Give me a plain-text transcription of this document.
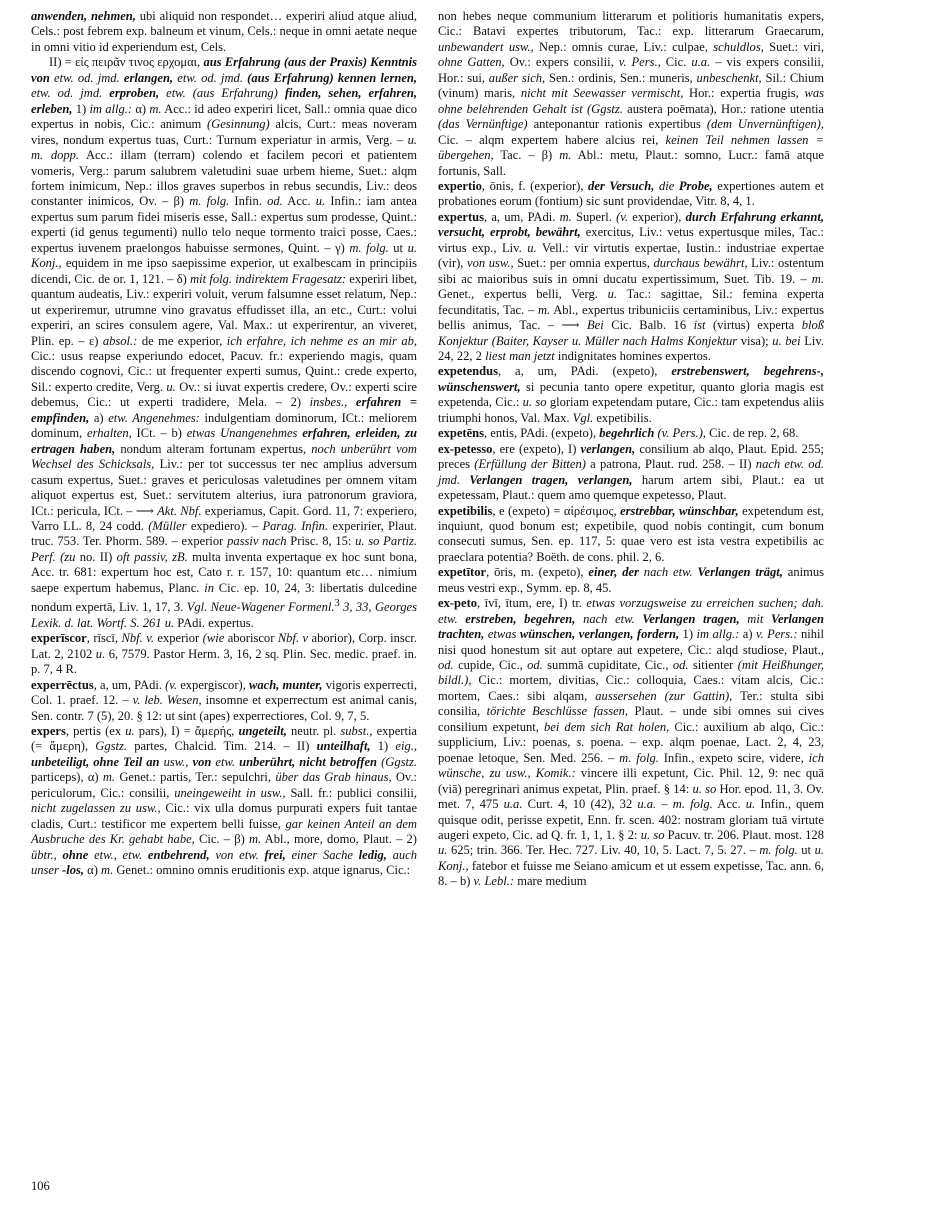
anwenden, nehmen, ubi aliquid non respondet… experiri aliud atque aliud, Cels.: post febrem exp. balneum et vinum, Cels.: neque in omni aetate neque in omni vitio id experiendum est, Cels.

II) = εἰς πειρᾶν τινος ερχομαι, aus Erfahrung (aus der Praxis) Kenntnis von etw. od. jmd. erlangen, etw. od. jmd. (aus Erfahrung) kennen lernen, etw. od. jmd. erproben, etw. (aus Erfahrung) finden, sehen, erfahren, erleben, 1) im allg.: α) m. Acc.: id adeo experiri licet, Sall.: omnia quae dico expertus in nobis, Cic.: animum (Gesinnung) alcis, Curt.: meas noveram vires, nondum expertus tuas, Curt.: Turnum experiatur in armis, Verg. – u. m. dopp. Acc.: illam (terram) colendo et facilem pecori et patientem vomeris, Verg.: parum salubrem valetudini suae urbem hieme, Suet.: alqm fortem inimicum, Nep.: illos graves superbos in rebus secundis, Liv.: deos constanter inimicos, Ov. – β) m. folg. Infin. od. Acc. u. Infin.: iam antea expertus sum parum fidei miseris esse, Sall.: expertus sum prodesse, Quint.: experti (id genus tegumenti) nullo telo neque tormento traici posse, Caes.: expertus iuvenem praelongos habuisse sermones, Quint. – γ) m. folg. ut u. Konj., equidem in me ipso saepissime experior, ut exalbescam in principiis dicendi, Cic. de or. 1, 121. – δ) mit folg. indirektem Fragesatz: experiri libet, quantum audeatis, Liv.: experiri voluit, verum falsumne esset relatum, Nep.: ut experiremur, utrumne vino gravatus effudisset illa, an etc., Curt.: volui experiri, an scires consulem agere, Val. Max.: ut experirentur, an viveret, Plin. ep. – ε) absol.: de me experior, ich erfahre, ich nehme es an mir ab, Cic.: usus reapse experiundo edocet, Pacuv. fr.: experiendo magis, quam discendo cognovi, Cic.: ut frequenter experti sumus, Quint.: crede experto, Sil.: experto credite, Verg. u. Ov.: si iuvat expertis credere, Ov.: experti scire debemus, Cic.: ut experti tradidere, Mela. – 2) insbes., erfahren = empfinden, a) etw. Angenehmes: indulgentiam dominorum, ICt.: meliorem dominum, erhalten, ICt. – b) etwas Unangenehmes erfahren, erleiden, zu ertragen haben, nondum alteram fortunam expertus, noch unberührt vom Wechsel des Schicksals, Liv.: per tot successus ter nec amplius adversum casum expertus, Suet.: graves et periculosas valetudines per omnem vitam aliquot expertus est, Suet.: servitutem alterius, iura patronorum graviora, ICt.: pericula, ICt. – ⟶ Akt. Nbf. experiamus, Capit. Gord. 11, 7: experiero, Varro LL. 8, 24 codd. (Müller expediero). – Parag. Infin. experirier, Plaut. truc. 753. Ter. Phorm. 589. – experior passiv nach Prisc. 8, 15: u. so Partiz. Perf. (zu no. II) oft passiv, zB. multa inventa expertaque ex hoc sunt bona, Acc. tr. 681: expertum hoc est, Cato r. r. 157, 10: quantum etc… nimium saepe expertum habemus, Planc. in Cic. ep. 10, 24, 3: libertatis dulcedine nondum expertā, Liv. 1, 17, 3. Vgl. Neue-Wagener Formenl.$^3$ 3, 33, Georges Lexik. d. lat. Wortf. S. 261 u. PAdi. expertus.

experīscor, rīscī, Nbf. v. experior (wie aboriscor Nbf. v aborior), Corp. inscr. Lat. 2, 2102 u. 6, 7579. Pastor Herm. 3, 16, 2 sq. Plin. Sec. medic. praef. in. p. 7, 4 R.

experrēctus, a, um, PAdi. (v. expergiscor), wach, munter, vigoris experrecti, Col. 1. praef. 12. – v. leb. Wesen, insomne et experrectum est animal canis, Sen. contr. 7 (5), 20. § 12: ut sint (apes) experrectiores, Col. 9, 7, 5.

expers, pertis (ex u. pars), I) = ἄμερής, ungeteilt, neutr. pl. subst., expertia (= ἄμερη), Ggstz. partes, Chalcid. Tim. 214. – II) unteilhaft, 1) eig., unbeteiligt, ohne Teil an usw., von etw. unberührt, nicht betroffen (Ggstz. particeps), α) m. Genet.: partis, Ter.: sepulchri, über das Grab hinaus, Ov.: periculorum, Cic.: consilii, uneingeweiht in usw., Sall. fr.: publici consilii, nicht zugelassen zu usw., Cic.: vix ulla domus purpurati expers fuit tantae cladis, Curt.: testificor me expertem belli fuisse, gar keinen Anteil an dem Ausbruche des Kr. gehabt habe, Cic. – β) m. Abl., more, domo, Plaut. – 2) übtr., ohne etw., etw. entbehrend, von etw. frei, einer Sache ledig, auch unser -los, α) m. Genet.: omnino omnis eruditionis exp. atque ignarus, Cic.:

non hebes neque communium litterarum et politioris humanitatis expers, Cic.: Batavi expertes tributorum, Tac.: exp. litterarum Graecarum, unbewandert usw., Nep.: omnis curae, Liv.: culpae, schuldlos, Suet.: viri, ohne Gatten, Ov.: expers consilii, v. Pers., Cic. u.a. – vis expers consilii, Hor.: sui, außer sich, Sen.: ordinis, Sen.: muneris, unbeschenkt, Sil.: Chium (vinum) maris, nicht mit Seewasser vermischt, Hor.: expertia frugis, was ohne belehrenden Gehalt ist (Ggstz. austera poēmata), Hor.: ratione utentia (das Vernünftige) anteponantur rationis expertibus (dem Unvernünftigen), Cic. – alqm expertem habere alcius rei, keinen Teil nehmen lassen = übergehen, Tac. – β) m. Abl.: metu, Plaut.: somno, Lucr.: famā atque fortunis, Sall.

expertio, ōnis, f. (experior), der Versuch, die Probe, expertiones autem et probationes eorum (fontium) sic sunt providendae, Vitr. 8, 4, 1.

expertus, a, um, PAdi. m. Superl. (v. experior), durch Erfahrung erkannt, versucht, erprobt, bewährt, exercitus, Liv.: vetus expertusque miles, Tac.: virtus exp., Liv. u. Vell.: vir virtutis expertae, Iustin.: industriae expertae (vir), von usw., Suet.: per omnia expertus, durchaus bewährt, Liv.: ostentum sibi ac maioribus suis in omni ducatu expertissimum, Suet. Tib. 19. – m. Genet., expertus belli, Verg. u. Tac.: sagittae, Sil.: femina experta fecunditatis, Tac. – m. Abl., expertus tribuniciis certaminibus, Liv.: expertus bellis animus, Tac. – ⟶ Bei Cic. Balb. 16 ist (virtus) experta bloß Konjektur (Baiter, Kayser u. Müller nach Halms Konjektur visa); u. bei Liv. 24, 22, 2 liest man jetzt indignitates homines expertos.

expetendus, a, um, PAdi. (expeto), erstrebenswert, begehrens-, wünschenswert, si pecunia tanto opere expetitur, quanto gloria magis est expetenda, Cic.: u. so gloriam expetendam putare, Cic.: tam expetendus aliis triumphi honos, Val. Max. Vgl. expetibilis.

expetēns, entis, PAdi. (expeto), begehrlich (v. Pers.), Cic. de rep. 2, 68.

ex-petesso, ere (expeto), I) verlangen, consilium ab alqo, Plaut. Epid. 255; preces (Erfüllung der Bitten) a patrona, Plaut. rud. 258. – II) nach etw. od. jmd. Verlangen tragen, verlangen, harum artem sibi, Plaut.: ea ut expetessam, Plaut.: quem amo quemque expetesso, Plaut.

expetibilis, e (expeto) = αἱρέσιμος, erstrebbar, wünschbar, expetendum est, inquiunt, quod bonum est; expetibile, quod nobis contingit, cum bonum consecuti sumus, Sen. ep. 117, 5: quae vero est ista vestra expetibilis ac praeclara potentia? Boëth. de cons. phil. 2, 6.

expetītor, ōris, m. (expeto), einer, der nach etw. Verlangen trägt, animus meus vestri exp., Symm. ep. 8, 45.

ex-peto, īvī, ītum, ere, I) tr. etwas vorzugsweise zu erreichen suchen; dah. etw. erstreben, begehren, nach etw. Verlangen tragen, mit Verlangen trachten, etwas wünschen, verlangen, fordern, 1) im allg.: a) v. Pers.: nihil nisi quod honestum sit aut optare aut expetere, Cic.: alqd studiose, Plaut., od. cupide, Cic., od. summā cupiditate, Cic., od. sitienter (mit Heißhunger, bildl.), Cic.: mortem, divitias, Cic.: colloquia, Caes.: vitam alcis, Cic.: mortem, Caes.: sibi alqam, aussersehen (zur Gattin), Ter.: stulta sibi consilia, törichte Beschlüsse fassen, Plaut. – unde sibi omnes sui cives consilium expetunt, bei dem sich Rat holen, Cic.: auxilium ab alqo, Cic.: supplicium, Liv.: poenas, s. poena. – exp. alqm poenae, Lact. 2, 4, 23, poenae letoque, Sen. Med. 256. – m. folg. Infin., expeto scire, videre, ich wünsche, zu usw., Komik.: vincere illi expetunt, Cic. Phil. 12, 9: nec quā (viā) peregrinari animus expetat, Plin. praef. § 14: u. so Hor. epod. 11, 3. Ov. met. 7, 475 u.a. Curt. 4, 10 (42), 32 u.a. – m. folg. Acc. u. Infin., quem quisque odit, perisse expetit, Enn. fr. scen. 402: nostram gloriam tuā virtute augeri expeto, Cic. ad Q. fr. 1, 1, 1. § 2: u. so Pacuv. tr. 206. Plaut. most. 128 u. 625; trin. 366. Ter. Hec. 727. Liv. 40, 10, 5. Lact. 7, 5. 27. – m. folg. ut u. Konj., fatebor et fuisse me Seiano amicum et ut essem expetisse, Tac. ann. 6, 8. – b) v. Lebl.: mare medium

106
